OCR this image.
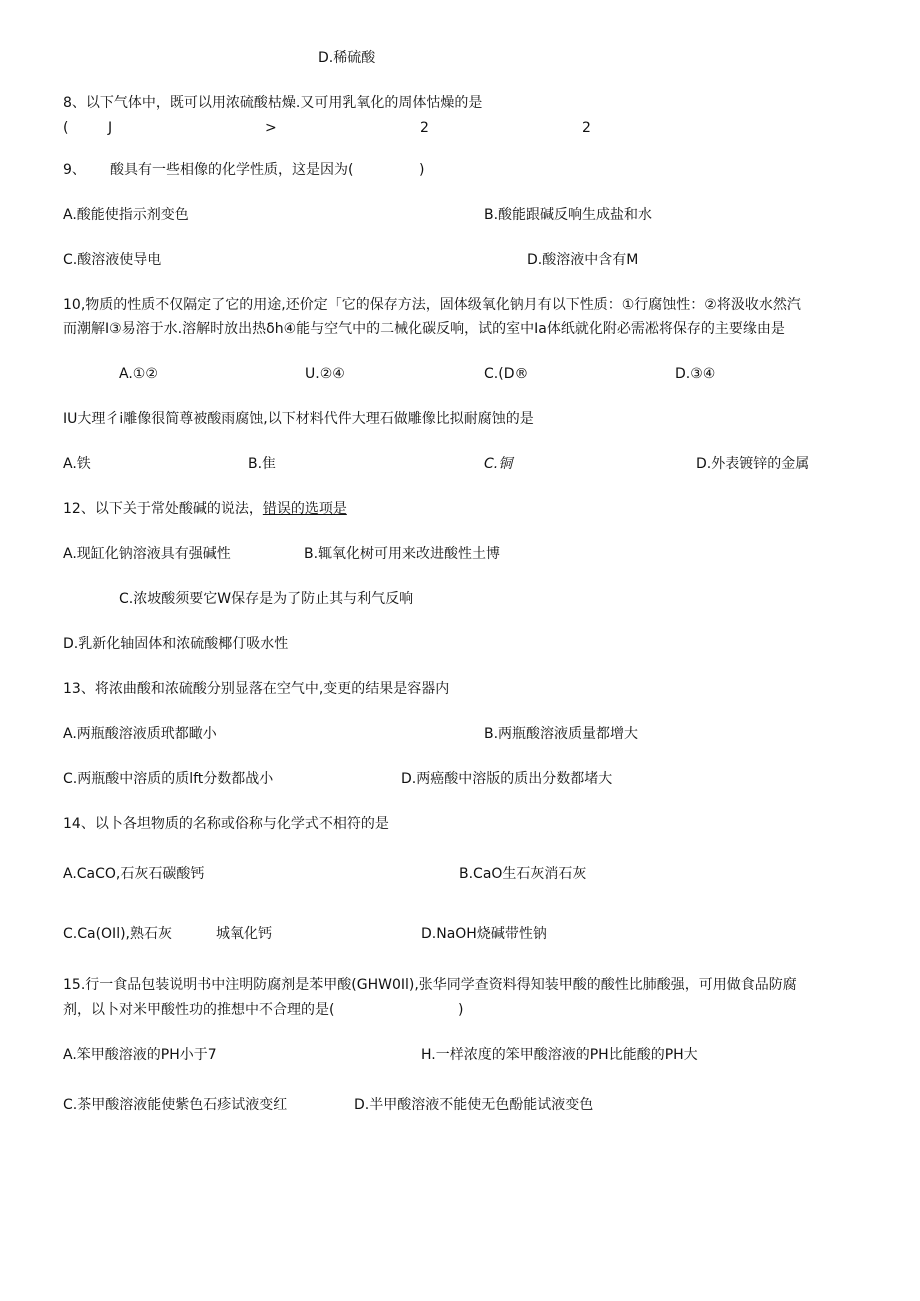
D.稀硫酸
8、以下气体中，既可以用浓硫酸枯燥.又可用乳氧化的周体怙燥的是
(	J	>	2	2
9、 酸具有一些相像的化学性质，这是因为(	)
A.酸能使指示剂变色	B.酸能跟碱反响生成盐和水
C.酸溶液使导电	D.酸溶液中含有M
10,物质的性质不仅隔定了它的用途,还价定「它的保存方法，固体级氧化钠月有以下性质：①行腐蚀性：②将汲收水然汽
而潮解I③易溶于水.溶解时放出热δh④能与空气中的二械化碳反响，试的室中Ia体纸就化附必需凇将保存的主要缘由是
A.①②	U.②④	C.(D®	D.③④
IU大理彳i雕像很简尊被酸雨腐蚀,以下材料代件大理石做雕像比拟耐腐蚀的是
A.铁	B.隹	C.铜	D.外表镀锌的金属
12、以下关于常处酸碱的说法，错误的选项是
A.现缸化钠溶液具有强碱性	B.辄氧化树可用来改进酸性土博
C.浓坡酸须要它W保存是为了防止其与利气反响
D.乳新化轴固体和浓硫酸椰仃吸水性
13、将浓曲酸和浓硫酸分别显落在空气中,变更的结果是容器内
A.两瓶酸溶液质玳都瞰小	B.两瓶酸溶液质量都增大
C.两瓶酸中溶质的质lft分数都战小	D.两癌酸中溶版的质出分数都堵大
14、以卜各坦物质的名称或俗称与化学式不相符的是
A.CaCO,石灰石碳酸钙	B.CaO生石灰消石灰
C.Ca(OIl),熟石灰	城氧化钙	D.NaOH烧碱带性钠
15.行一食品包装说明书中注明防腐剂是苯甲酸(GHW0Il),张华同学查资料得知装甲酸的酸性比肺酸强，可用做食品防腐
剂，以卜对米甲酸性功的推想中不合理的是(	)
A.笨甲酸溶液的PH小于7	H.一样浓度的笨甲酸溶液的PH比能酸的PH大
C.茶甲酸溶液能使紫色石疹试液变红	D.半甲酸溶液不能使无色酚能试液变色
